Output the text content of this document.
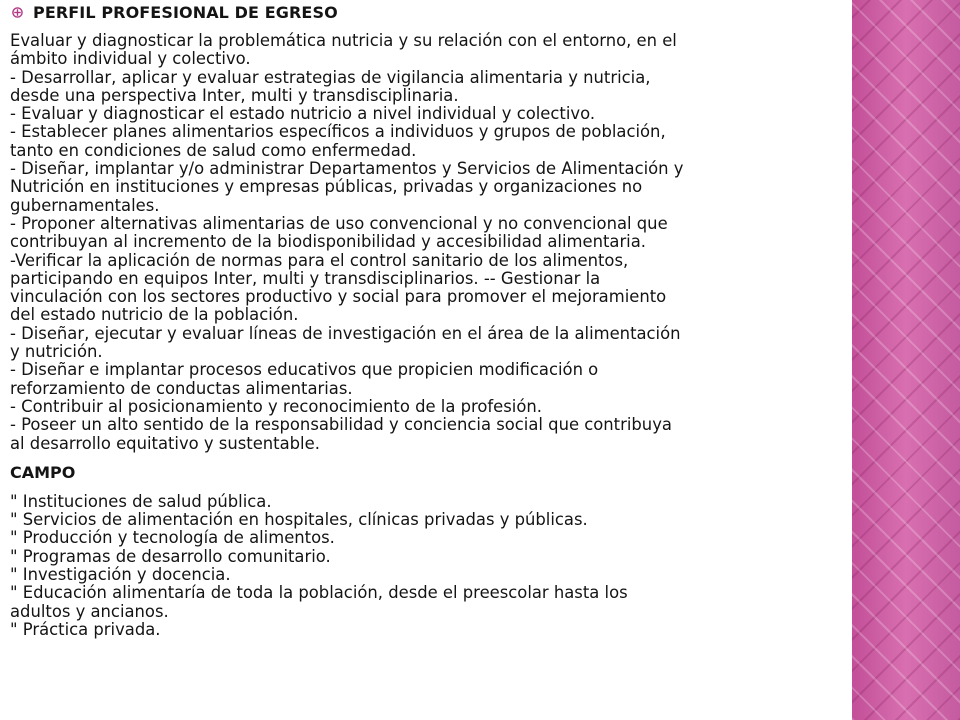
PERFIL PROFESIONAL DE EGRESO
Evaluar y diagnosticar la problemática nutricia y su relación con el entorno, en el
ámbito individual y colectivo.
- Desarrollar, aplicar y evaluar estrategias de vigilancia alimentaria y nutricia,
desde una perspectiva Inter, multi y transdisciplinaria.
- Evaluar y diagnosticar el estado nutricio a nivel individual y colectivo.
- Establecer planes alimentarios específicos a individuos y grupos de población,
tanto en condiciones de salud como enfermedad.
- Diseñar, implantar y/o administrar Departamentos y Servicios de Alimentación y
Nutrición en instituciones y empresas públicas, privadas y organizaciones no
gubernamentales.
- Proponer alternativas alimentarias de uso convencional y no convencional que
contribuyan al incremento de la biodisponibilidad y accesibilidad alimentaria.
-Verificar la aplicación de normas para el control sanitario de los alimentos,
participando en equipos Inter, multi y transdisciplinarios. -- Gestionar la
vinculación con los sectores productivo y social para promover el mejoramiento
del estado nutricio de la población.
- Diseñar, ejecutar y evaluar líneas de investigación en el área de la alimentación
y nutrición.
- Diseñar e implantar procesos educativos que propicien modificación o
reforzamiento de conductas alimentarias.
- Contribuir al posicionamiento y reconocimiento de la profesión.
- Poseer un alto sentido de la responsabilidad y conciencia social que contribuya
al desarrollo equitativo y sustentable.
CAMPO
" Instituciones de salud pública.
" Servicios de alimentación en hospitales, clínicas privadas y públicas.
" Producción y tecnología de alimentos.
" Programas de desarrollo comunitario.
" Investigación y docencia.
" Educación alimentaría de toda la población, desde el preescolar hasta los
adultos y ancianos.
" Práctica privada.
